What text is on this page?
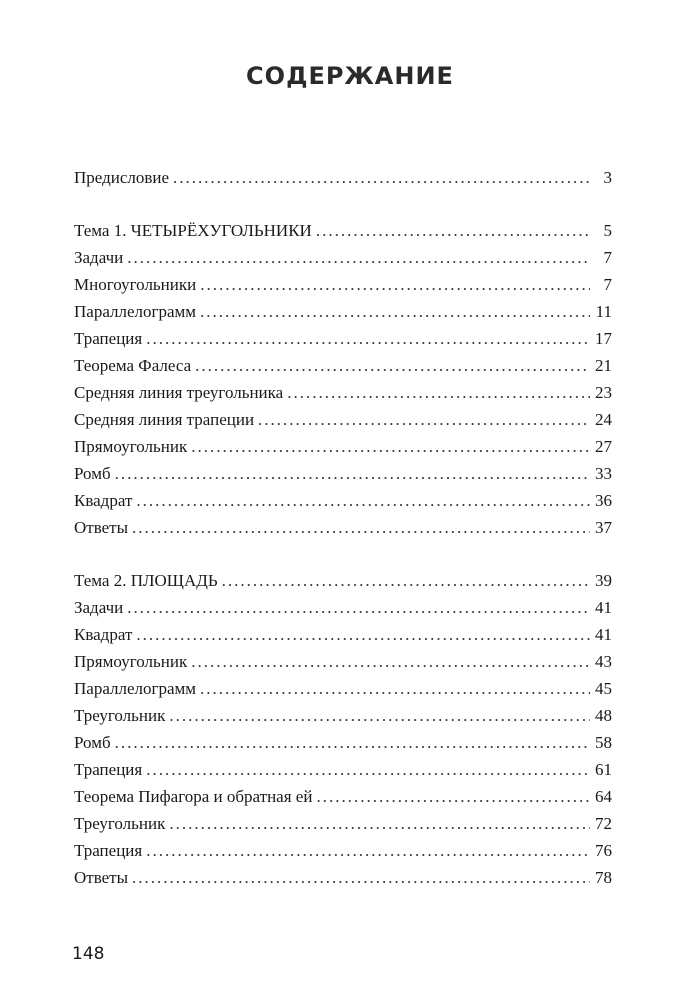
СОДЕРЖАНИЕ
Предисловие .....	3
Тема 1. ЧЕТЫРЁХУГОЛЬНИКИ .....	5
Задачи .....	7
Многоугольники .....	7
Параллелограмм .....	11
Трапеция .....	17
Теорема Фалеса .....	21
Средняя линия треугольника .....	23
Средняя линия трапеции .....	24
Прямоугольник .....	27
Ромб .....	33
Квадрат .....	36
Ответы .....	37
Тема 2. ПЛОЩАДЬ .....	39
Задачи .....	41
Квадрат .....	41
Прямоугольник .....	43
Параллелограмм .....	45
Треугольник .....	48
Ромб .....	58
Трапеция .....	61
Теорема Пифагора и обратная ей .....	64
Треугольник .....	72
Трапеция .....	76
Ответы .....	78
148
